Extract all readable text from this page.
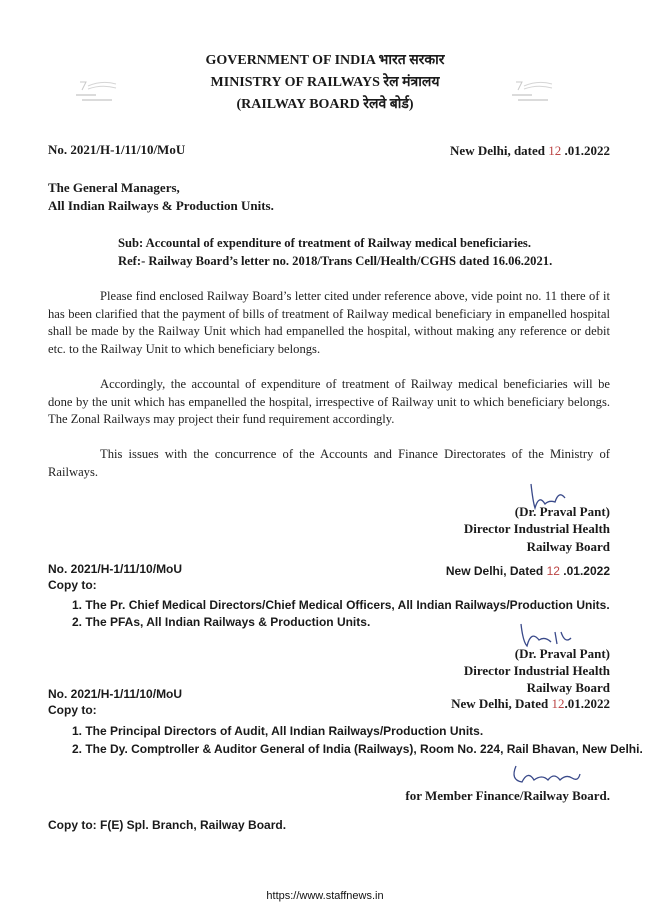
GOVERNMENT OF INDIA भारत सरकार
MINISTRY OF RAILWAYS रेल मंत्रालय
(RAILWAY BOARD रेलवे बोर्ड)
No. 2021/H-1/11/10/MoU	New Delhi, dated 12 .01.2022
The General Managers,
All Indian Railways & Production Units.
Sub: Accountal of expenditure of treatment of Railway medical beneficiaries.
Ref:- Railway Board’s letter no. 2018/Trans Cell/Health/CGHS dated 16.06.2021.
Please find enclosed Railway Board’s letter cited under reference above, vide point no. 11 there of it has been clarified that the payment of bills of treatment of Railway medical beneficiary in empanelled hospital shall be made by the Railway Unit which had empanelled the hospital, without making any reference or debit etc. to the Railway Unit to which beneficiary belongs.
Accordingly, the accountal of expenditure of treatment of Railway medical beneficiaries will be done by the unit which has empanelled the hospital, irrespective of Railway unit to which beneficiary belongs. The Zonal Railways may project their fund requirement accordingly.
This issues with the concurrence of the Accounts and Finance Directorates of the Ministry of Railways.
(Dr. Praval Pant)
Director Industrial Health
Railway Board
No. 2021/H-1/11/10/MoU
Copy to:
New Delhi, Dated 12 .01.2022
1. The Pr. Chief Medical Directors/Chief Medical Officers, All Indian Railways/Production Units.
2. The PFAs, All Indian Railways & Production Units.
(Dr. Praval Pant)
Director Industrial Health
Railway Board
No. 2021/H-1/11/10/MoU
Copy to:	New Delhi, Dated 12.01.2022
1. The Principal Directors of Audit, All Indian Railways/Production Units.
2. The Dy. Comptroller & Auditor General of India (Railways), Room No. 224, Rail Bhavan, New Delhi.
for Member Finance/Railway Board.
Copy to: F(E) Spl. Branch, Railway Board.
https://www.staffnews.in
